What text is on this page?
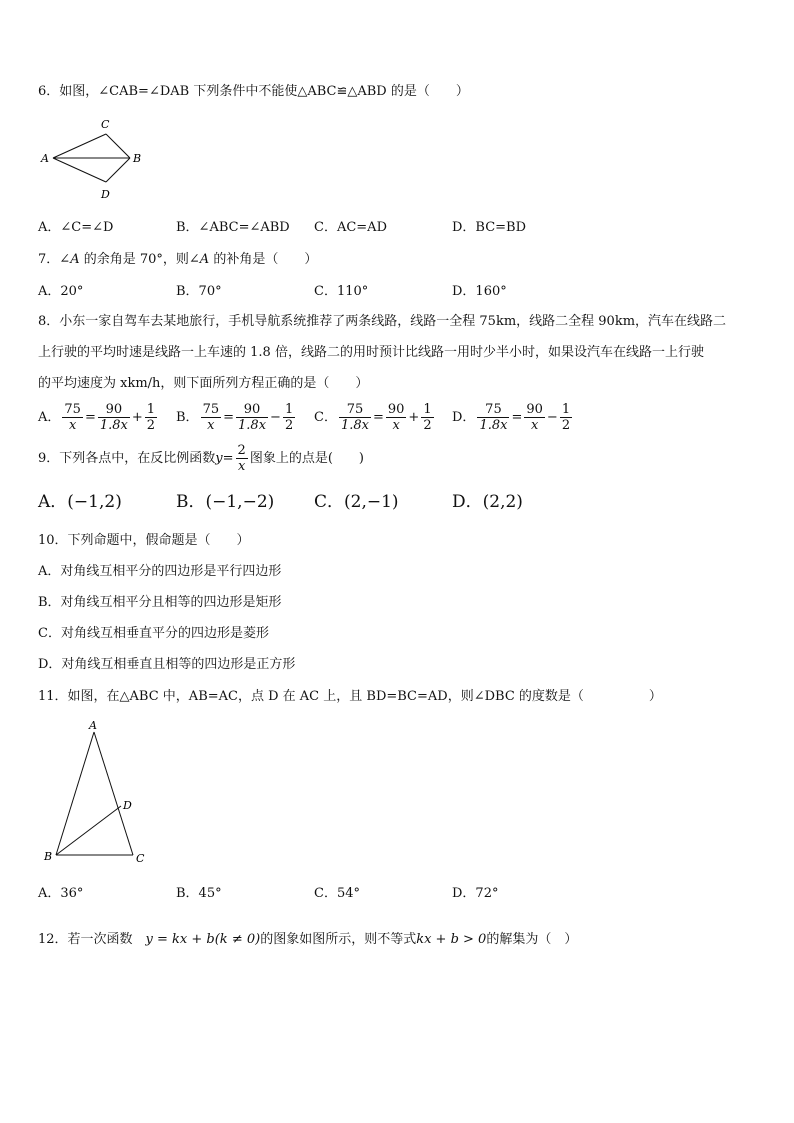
6．如图，∠CAB=∠DAB 下列条件中不能使△ABC≌△ABD 的是（　　）
A
C
B
D
A．∠C=∠D	B．∠ABC=∠ABD C．AC=AD	D．BC=BD
7．∠A 的余角是 70°，则∠A 的补角是（　　）
A．20°	B．70°	C．110°	D．160°
8．小东一家自驾车去某地旅行，手机导航系统推荐了两条线路，线路一全程 75km，线路二全程 90km，汽车在线路二
上行驶的平均时速是线路一上车速的 1.8 倍，线路二的用时预计比线路一用时少半小时，如果设汽车在线路一上行驶
的平均速度为 xkm/h，则下面所列方程正确的是（　　）
A． $\frac{75}{x} = \frac{90}{1.8x} + \frac{1}{2}$ B． $\frac{75}{x} = \frac{90}{1.8x} - \frac{1}{2}$ C． $\frac{75}{1.8x} = \frac{90}{x} + \frac{1}{2}$ D． $\frac{75}{1.8x} = \frac{90}{x} - \frac{1}{2}$
9．下列各点中，在反比例函数$y= \frac{2}{x}$ 图象上的点是(　　)
A．(−1,2)	B．(−1,−2) C．(2,−1)	D．(2,2)
10．下列命题中，假命题是（　　）
A．对角线互相平分的四边形是平行四边形
B．对角线互相平分且相等的四边形是矩形
C．对角线互相垂直平分的四边形是菱形
D．对角线互相垂直且相等的四边形是正方形
11．如图，在△ABC 中，AB=AC，点 D 在 AC 上，且 BD=BC=AD，则∠DBC 的度数是（　　　　　）
A
D
B	C
A．36°	B．45°	C．54°	D．72°
12．若一次函数　y = kx + b(k ≠ 0)的图象如图所示，则不等式kx + b > 0的解集为（　）
